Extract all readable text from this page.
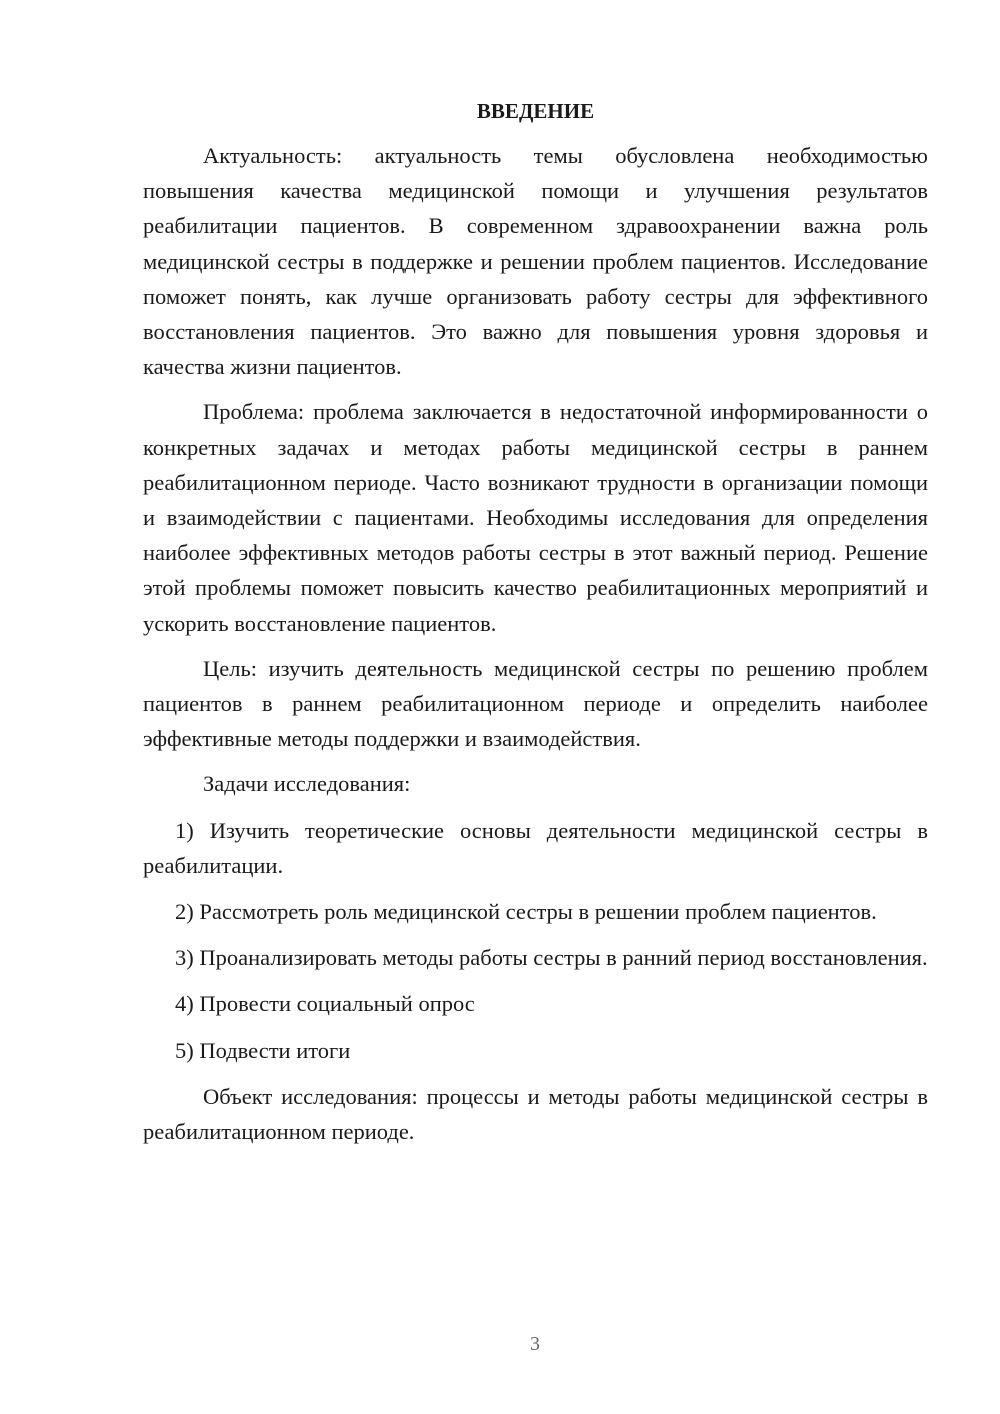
ВВЕДЕНИЕ

Актуальность: актуальность темы обусловлена необходимостью повышения качества медицинской помощи и улучшения результатов реабилитации пациентов. В современном здравоохранении важна роль медицинской сестры в поддержке и решении проблем пациентов. Исследование поможет понять, как лучше организовать работу сестры для эффективного восстановления пациентов. Это важно для повышения уровня здоровья и качества жизни пациентов.

Проблема: проблема заключается в недостаточной информированности о конкретных задачах и методах работы медицинской сестры в раннем реабилитационном периоде. Часто возникают трудности в организации помощи и взаимодействии с пациентами. Необходимы исследования для определения наиболее эффективных методов работы сестры в этот важный период. Решение этой проблемы поможет повысить качество реабилитационных мероприятий и ускорить восстановление пациентов.

Цель: изучить деятельность медицинской сестры по решению проблем пациентов в раннем реабилитационном периоде и определить наиболее эффективные методы поддержки и взаимодействия.

Задачи исследования:

1) Изучить теоретические основы деятельности медицинской сестры в реабилитации.

2) Рассмотреть роль медицинской сестры в решении проблем пациентов.

3) Проанализировать методы работы сестры в ранний период восстановления.

4) Провести социальный опрос

5) Подвести итоги

Объект исследования: процессы и методы работы медицинской сестры в реабилитационном периоде.

3
